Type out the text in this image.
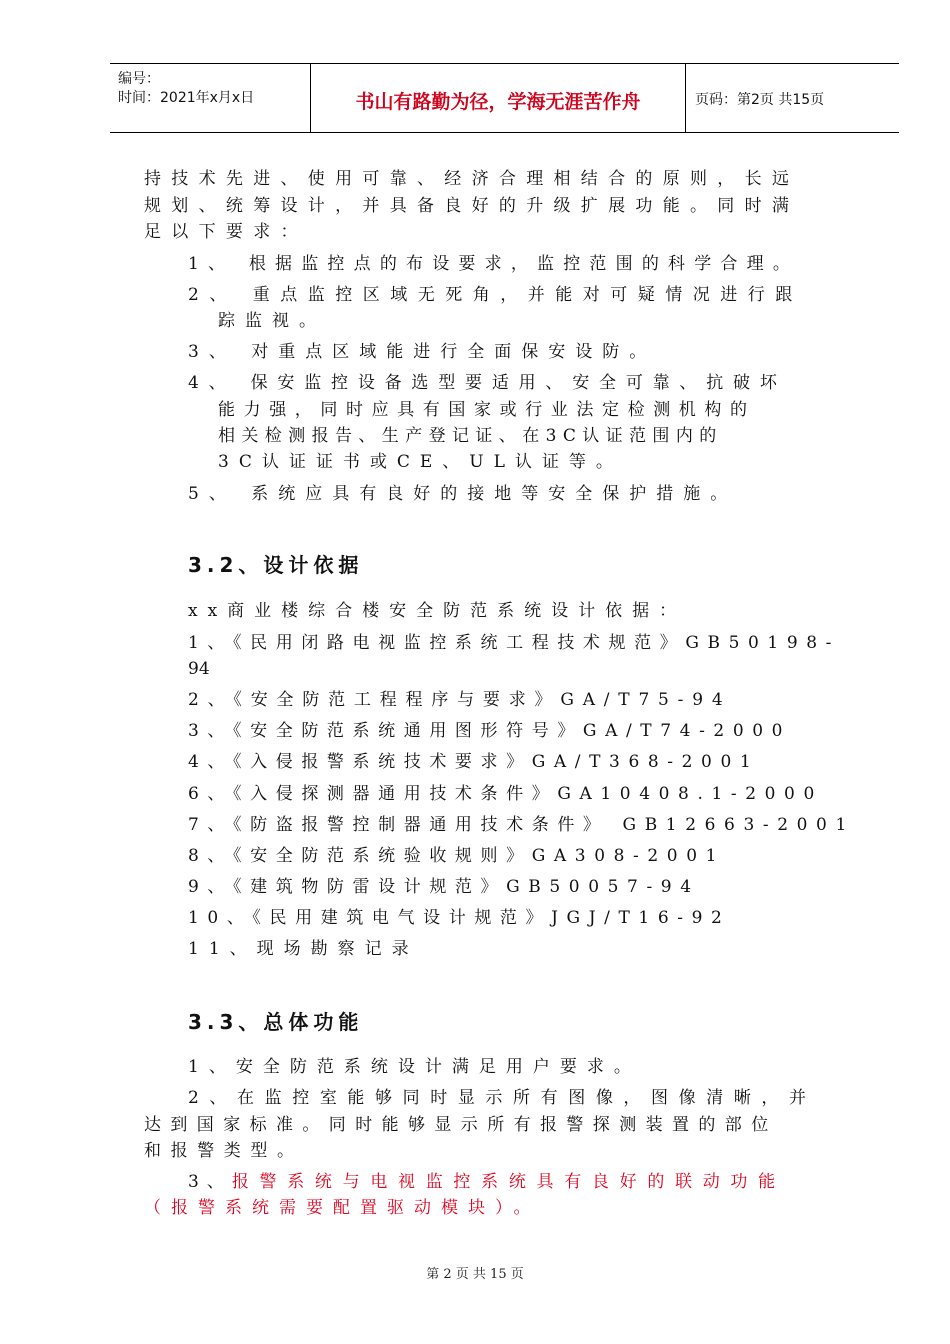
编号：
时间：2021年x月x日	书山有路勤为径，学海无涯苦作舟	页码：第2页 共15页
持技术先进、使用可靠、经济合理相结合的原则，长远
规划、统筹设计，并具备良好的升级扩展功能。同时满
足以下要求：
1、 根据监控点的布设要求，监控范围的科学合理。
2、 重点监控区域无死角，并能对可疑情况进行跟
踪监视。
3、 对重点区域能进行全面保安设防。
4、 保安监控设备选型要适用、安全可靠、抗破坏
能力强，同时应具有国家或行业法定检测机构的
相关检测报告、生产登记证、在3C认证范围内的
3C认证证书或CE、UL认证等。
5、 系统应具有良好的接地等安全保护措施。
3.2、设计依据
xx商业楼综合楼安全防范系统设计依据：
1、《民用闭路电视监控系统工程技术规范》GB50198-
94
2、《安全防范工程程序与要求》GA/T75-94
3、《安全防范系统通用图形符号》GA/T74-2000
4、《入侵报警系统技术要求》GA/T368-2001
6、《入侵探测器通用技术条件》GA10408.1-2000
7、《防盗报警控制器通用技术条件》 GB12663-2001
8、《安全防范系统验收规则》GA308-2001
9、《建筑物防雷设计规范》GB50057-94
10、《民用建筑电气设计规范》JGJ/T16-92
11、现场勘察记录
3.3、总体功能
1、安全防范系统设计满足用户要求。
2、在监控室能够同时显示所有图像，图像清晰，并
达到国家标准。同时能够显示所有报警探测装置的部位
和报警类型。
3、报警系统与电视监控系统具有良好的联动功能
（报警系统需要配置驱动模块）。
第 2 页 共 15 页
